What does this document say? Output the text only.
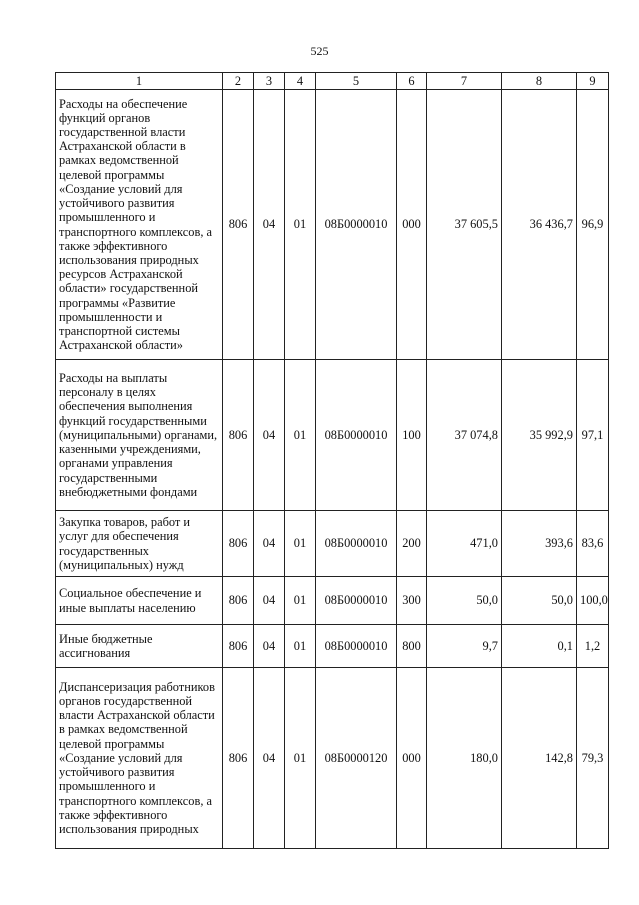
525
1	2	3	4	5	6	7	8	9
Расходы на обеспечение функций органов государственной власти Астраханской области в рамках ведомственной целевой программы «Создание условий для устойчивого развития промышленного и транспортного комплексов, а также эффективного использования природных ресурсов Астраханской области» государственной программы «Развитие промышленности и транспортной системы Астраханской области»	806	04	01	08Б0000010	000	37 605,5	36 436,7	96,9
Расходы на выплаты персоналу в целях обеспечения выполнения функций государственными (муниципальными) органами, казенными учреждениями, органами управления государственными внебюджетными фондами	806	04	01	08Б0000010	100	37 074,8	35 992,9	97,1
Закупка товаров, работ и услуг для обеспечения государственных (муниципальных) нужд	806	04	01	08Б0000010	200	471,0	393,6	83,6
Социальное обеспечение и иные выплаты населению	806	04	01	08Б0000010	300	50,0	50,0	100,0
Иные бюджетные ассигнования	806	04	01	08Б0000010	800	9,7	0,1	1,2
Диспансеризация работников органов государственной власти Астраханской области в рамках ведомственной целевой программы «Создание условий для устойчивого развития промышленного и транспортного комплексов, а также эффективного использования природных	806	04	01	08Б0000120	000	180,0	142,8	79,3
